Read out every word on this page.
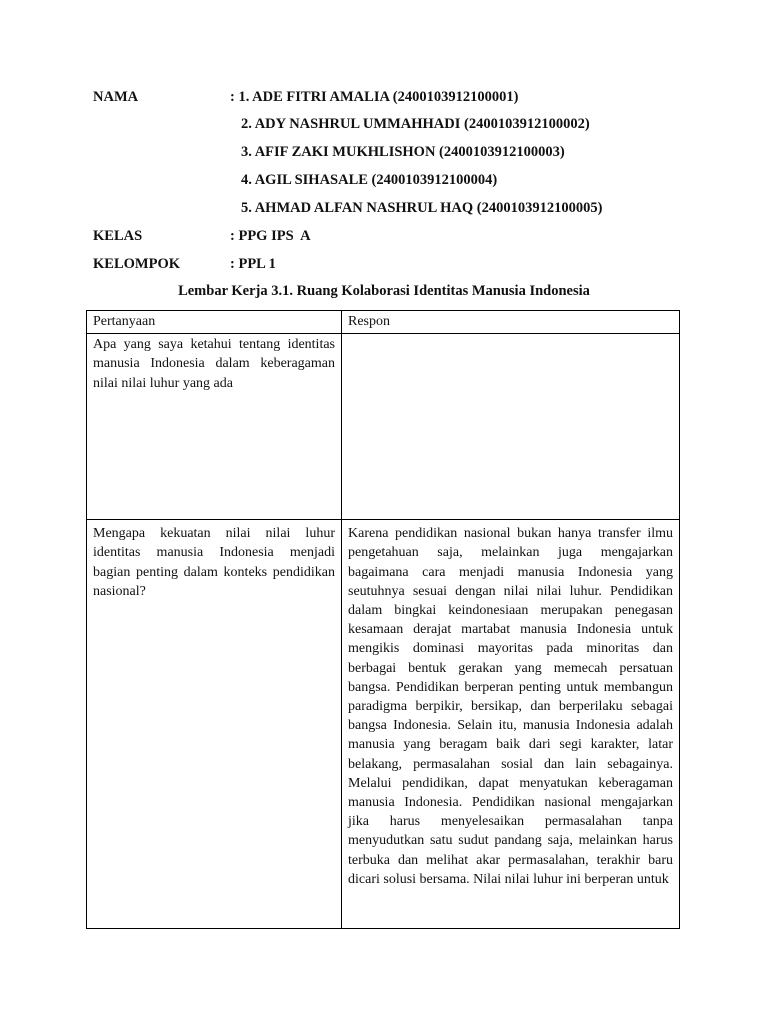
NAMA	: 1. ADE FITRI AMALIA (2400103912100001)
2. ADY NASHRUL UMMAHHADI (2400103912100002)
3. AFIF ZAKI MUKHLISHON (2400103912100003)
4. AGIL SIHASALE (2400103912100004)
5. AHMAD ALFAN NASHRUL HAQ (2400103912100005)
KELAS	: PPG IPS  A
KELOMPOK	: PPL 1
Lembar Kerja 3.1. Ruang Kolaborasi Identitas Manusia Indonesia
Pertanyaan	Respon
Apa yang saya ketahui tentang identitas manusia Indonesia dalam keberagaman nilai nilai luhur yang ada	
Mengapa kekuatan nilai nilai luhur identitas manusia Indonesia menjadi bagian penting dalam konteks pendidikan nasional?	Karena pendidikan nasional bukan hanya transfer ilmu pengetahuan saja, melainkan juga mengajarkan bagaimana cara menjadi manusia Indonesia yang seutuhnya sesuai dengan nilai nilai luhur. Pendidikan dalam bingkai keindonesiaan merupakan penegasan kesamaan derajat martabat manusia Indonesia untuk mengikis dominasi mayoritas pada minoritas dan berbagai bentuk gerakan yang memecah persatuan bangsa. Pendidikan berperan penting untuk membangun paradigma berpikir, bersikap, dan berperilaku sebagai bangsa Indonesia. Selain itu, manusia Indonesia adalah manusia yang beragam baik dari segi karakter, latar belakang, permasalahan sosial dan lain sebagainya. Melalui pendidikan, dapat menyatukan keberagaman manusia Indonesia. Pendidikan nasional mengajarkan jika harus menyelesaikan permasalahan tanpa menyudutkan satu sudut pandang saja, melainkan harus terbuka dan melihat akar permasalahan, terakhir baru dicari solusi bersama. Nilai nilai luhur ini berperan untuk
